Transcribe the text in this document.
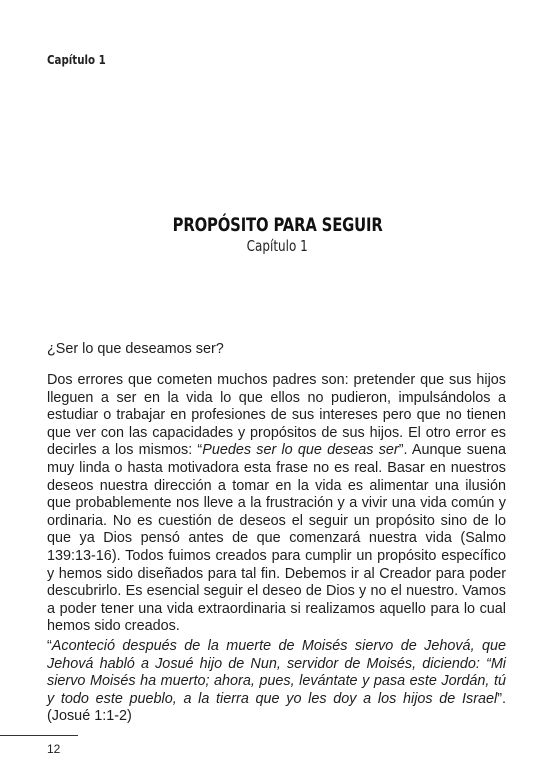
Capítulo 1
PROPÓSITO PARA SEGUIR
Capítulo 1
¿Ser lo que deseamos ser?
Dos errores que cometen muchos padres son: pretender que sus hijos lleguen a ser en la vida lo que ellos no pudieron, impulsándolos a estudiar o trabajar en profesiones de sus intereses pero que no tienen que ver con las capacidades y propósitos de sus hijos. El otro error es decirles a los mismos: “Puedes ser lo que deseas ser”. Aunque suena muy linda o hasta motivadora esta frase no es real. Basar en nuestros deseos nuestra dirección a tomar en la vida es alimentar una ilusión que probablemente nos lleve a la frustración y a vivir una vida común y ordinaria. No es cuestión de deseos el seguir un propósito sino de lo que ya Dios pensó antes de que comenzará nuestra vida (Salmo 139:13-16). Todos fuimos creados para cumplir un propósito específico y hemos sido diseñados para tal fin. Debemos ir al Creador para poder descubrirlo. Es esencial seguir el deseo de Dios y no el nuestro. Vamos a poder tener una vida extraordinaria si realizamos aquello para lo cual hemos sido creados.
“Aconteció después de la muerte de Moisés siervo de Jehová, que Jehová habló a Josué hijo de Nun, servidor de Moisés, diciendo: “Mi siervo Moisés ha muerto; ahora, pues, levántate y pasa este Jordán, tú y todo este pueblo, a la tierra que yo les doy a los hijos de Israel”. (Josué 1:1-2)
12
